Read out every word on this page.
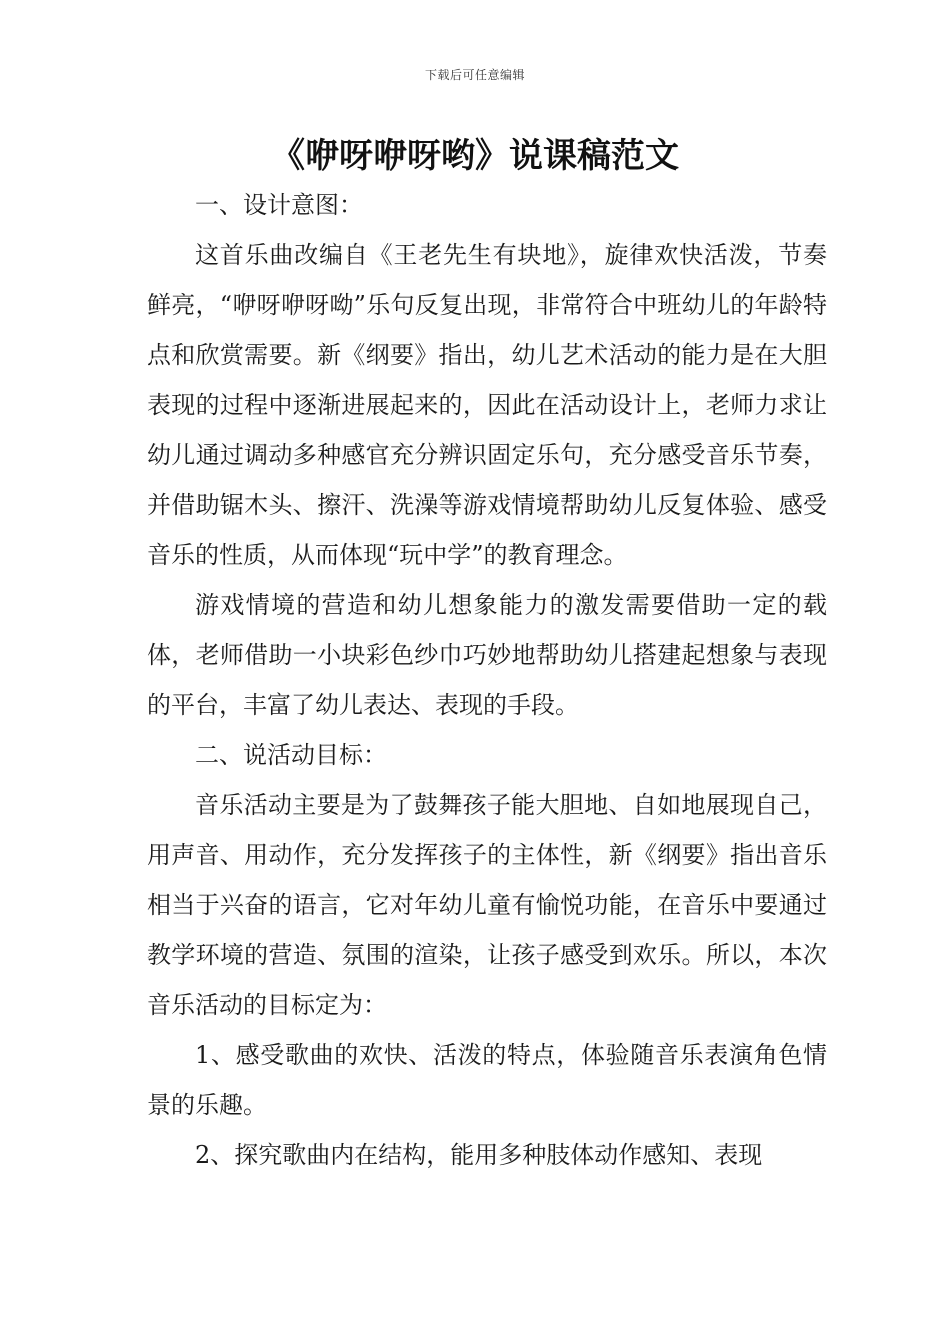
下载后可任意编辑
《咿呀咿呀哟》说课稿范文

一、设计意图：

这首乐曲改编自《王老先生有块地》，旋律欢快活泼，节奏鲜亮，“咿呀咿呀呦”乐句反复出现，非常符合中班幼儿的年龄特点和欣赏需要。新《纲要》指出，幼儿艺术活动的能力是在大胆表现的过程中逐渐进展起来的，因此在活动设计上，老师力求让幼儿通过调动多种感官充分辨识固定乐句，充分感受音乐节奏，并借助锯木头、擦汗、洗澡等游戏情境帮助幼儿反复体验、感受音乐的性质，从而体现“玩中学”的教育理念。

游戏情境的营造和幼儿想象能力的激发需要借助一定的载体，老师借助一小块彩色纱巾巧妙地帮助幼儿搭建起想象与表现的平台，丰富了幼儿表达、表现的手段。

二、说活动目标：

音乐活动主要是为了鼓舞孩子能大胆地、自如地展现自己，用声音、用动作，充分发挥孩子的主体性，新《纲要》指出音乐相当于兴奋的语言，它对年幼儿童有愉悦功能，在音乐中要通过教学环境的营造、氛围的渲染，让孩子感受到欢乐。所以，本次音乐活动的目标定为：

1、感受歌曲的欢快、活泼的特点，体验随音乐表演角色情景的乐趣。

2、探究歌曲内在结构，能用多种肢体动作感知、表现
